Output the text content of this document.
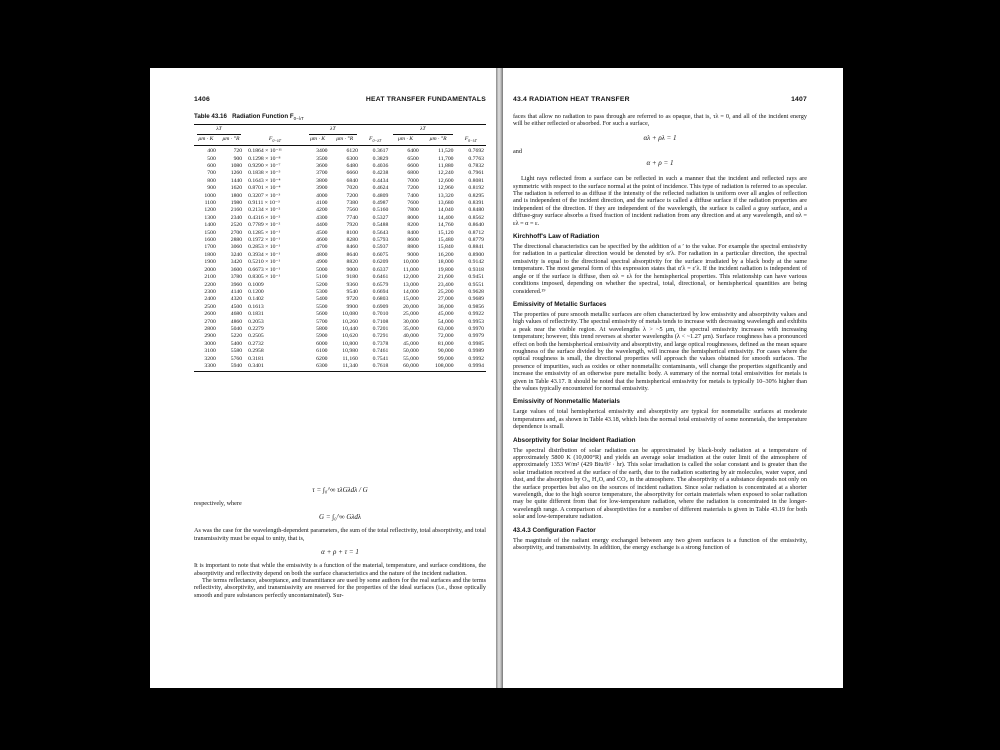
1406	HEAT TRANSFER FUNDAMENTALS
Table 43.16 Radiation Function $F_{0-\lambda T}$
λT			λT			λT		

μm · K	μm · °R	$F_{0-\lambda T}$	μm · K	μm · °R	$F_{0-\lambda T}$	μm · K	μm · °R	$F_{0-\lambda T}$
400	720	0.1864 × 10⁻¹¹	3400	6120	0.3617	6400	11,520	0.7692
500	900	0.1298 × 10⁻⁸	3500	6300	0.3829	6500	11,700	0.7763
600	1080	0.9290 × 10⁻⁷	3600	6480	0.4036	6600	11,880	0.7832
700	1260	0.1838 × 10⁻⁵	3700	6660	0.4238	6800	12,240	0.7961
800	1440	0.1643 × 10⁻⁴	3800	6840	0.4434	7000	12,600	0.8081
900	1620	0.8701 × 10⁻⁴	3900	7020	0.4624	7200	12,960	0.8192
1000	1800	0.3207 × 10⁻³	4000	7200	0.4809	7400	13,320	0.8295
1100	1980	0.9111 × 10⁻³	4100	7380	0.4987	7600	13,680	0.8391
1200	2160	0.2134 × 10⁻²	4200	7560	0.5160	7800	14,040	0.8480
1300	2340	0.4316 × 10⁻²	4300	7740	0.5327	8000	14,400	0.8562
1400	2520	0.7789 × 10⁻²	4400	7920	0.5488	8200	14,760	0.8640
1500	2700	0.1285 × 10⁻¹	4500	8100	0.5643	8400	15,120	0.8712
1600	2880	0.1972 × 10⁻¹	4600	8280	0.5793	8600	15,480	0.8779
1700	3060	0.2853 × 10⁻¹	4700	8460	0.5937	8800	15,840	0.8841
1800	3240	0.3934 × 10⁻¹	4800	8640	0.6075	9000	16,200	0.8900
1900	3420	0.5210 × 10⁻¹	4900	8820	0.6209	10,000	18,000	0.9142
2000	3600	0.6673 × 10⁻¹	5000	9000	0.6337	11,000	19,800	0.9318
2100	3780	0.8305 × 10⁻¹	5100	9180	0.6461	12,000	21,600	0.9451
2200	3960	0.1009	5200	9360	0.6579	13,000	23,400	0.9551
2300	4140	0.1200	5300	9540	0.6694	14,000	25,200	0.9628
2400	4320	0.1402	5400	9720	0.6803	15,000	27,000	0.9689
2500	4500	0.1613	5500	9900	0.6909	20,000	36,000	0.9856
2600	4680	0.1831	5600	10,080	0.7010	25,000	45,000	0.9922
2700	4860	0.2053	5700	10,260	0.7108	30,000	54,000	0.9953
2800	5040	0.2279	5800	10,440	0.7201	35,000	63,000	0.9970
2900	5220	0.2505	5900	10,620	0.7291	40,000	72,000	0.9979
3000	5400	0.2732	6000	10,800	0.7378	45,000	81,000	0.9985
3100	5580	0.2958	6100	10,980	0.7461	50,000	90,000	0.9989
3200	5760	0.3181	6200	11,160	0.7541	55,000	99,000	0.9992
3300	5940	0.3401	6300	11,340	0.7618	60,000	108,000	0.9994

τ = ∫₀^∞ τλGλdλ / G

respectively, where

G = ∫₀^∞ Gλdλ

As was the case for the wavelength-dependent parameters, the sum of the total reflectivity, total absorptivity, and total transmissivity must be equal to unity, that is,

α + ρ + τ = 1

It is important to note that while the emissivity is a function of the material, temperature, and surface conditions, the absorptivity and reflectivity depend on both the surface characteristics and the nature of the incident radiation.

The terms reflectance, absorptance, and transmittance are used by some authors for the real surfaces and the terms reflectivity, absorptivity, and transmissivity are reserved for the properties of the ideal surfaces (i.e., those optically smooth and pure substances perfectly uncontaminated). Sur-

43.4 RADIATION HEAT TRANSFER	1407

faces that allow no radiation to pass through are referred to as opaque, that is, τλ = 0, and all of the incident energy will be either reflected or absorbed. For such a surface,

αλ + ρλ = 1

and

α + ρ = 1

Light rays reflected from a surface can be reflected in such a manner that the incident and reflected rays are symmetric with respect to the surface normal at the point of incidence. This type of radiation is referred to as specular. The radiation is referred to as diffuse if the intensity of the reflected radiation is uniform over all angles of reflection and is independent of the incident direction, and the surface is called a diffuse surface if the radiation properties are independent of the direction. If they are independent of the wavelength, the surface is called a gray surface, and a diffuse-gray surface absorbs a fixed fraction of incident radiation from any direction and at any wavelength, and αλ = ελ = α = ε.

Kirchhoff's Law of Radiation

The directional characteristics can be specified by the addition of a ′ to the value. For example the spectral emissivity for radiation in a particular direction would be denoted by α′λ. For radiation in a particular direction, the spectral emissivity is equal to the directional spectral absorptivity for the surface irradiated by a black body at the same temperature. The most general form of this expression states that α′λ = ε′λ. If the incident radiation is independent of angle or if the surface is diffuse, then αλ = ελ for the hemispherical properties. This relationship can have various conditions imposed, depending on whether the spectral, total, directional, or hemispherical quantities are being considered.¹⁹

Emissivity of Metallic Surfaces

The properties of pure smooth metallic surfaces are often characterized by low emissivity and absorptivity values and high values of reflectivity. The spectral emissivity of metals tends to increase with decreasing wavelength and exhibits a peak near the visible region. At wavelengths λ > ~5 μm, the spectral emissivity increases with increasing temperature; however, this trend reverses at shorter wavelengths (λ < ~1.27 μm). Surface roughness has a pronounced effect on both the hemispherical emissivity and absorptivity, and large optical roughnesses, defined as the mean square roughness of the surface divided by the wavelength, will increase the hemispherical emissivity. For cases where the optical roughness is small, the directional properties will approach the values obtained for smooth surfaces. The presence of impurities, such as oxides or other nonmetallic contaminants, will change the properties significantly and increase the emissivity of an otherwise pure metallic body. A summary of the normal total emissivities for metals is given in Table 43.17. It should be noted that the hemispherical emissivity for metals is typically 10–30% higher than the values typically encountered for normal emissivity.

Emissivity of Nonmetallic Materials

Large values of total hemispherical emissivity and absorptivity are typical for nonmetallic surfaces at moderate temperatures and, as shown in Table 43.18, which lists the normal total emissivity of some nonmetals, the temperature dependence is small.

Absorptivity for Solar Incident Radiation

The spectral distribution of solar radiation can be approximated by black-body radiation at a temperature of approximately 5800 K (10,000°R) and yields an average solar irradiation at the outer limit of the atmosphere of approximately 1353 W/m² (429 Btu/ft² · hr). This solar irradiation is called the solar constant and is greater than the solar irradiation received at the surface of the earth, due to the radiation scattering by air molecules, water vapor, and dust, and the absorption by O₃, H₂O, and CO₂ in the atmosphere. The absorptivity of a substance depends not only on the surface properties but also on the sources of incident radiation. Since solar radiation is concentrated at a shorter wavelength, due to the high source temperature, the absorptivity for certain materials when exposed to solar radiation may be quite different from that for low-temperature radiation, where the radiation is concentrated in the longer-wavelength range. A comparison of absorptivities for a number of different materials is given in Table 43.19 for both solar and low-temperature radiation.

43.4.3 Configuration Factor

The magnitude of the radiant energy exchanged between any two given surfaces is a function of the emissivity, absorptivity, and transmissivity. In addition, the energy exchange is a strong function of
